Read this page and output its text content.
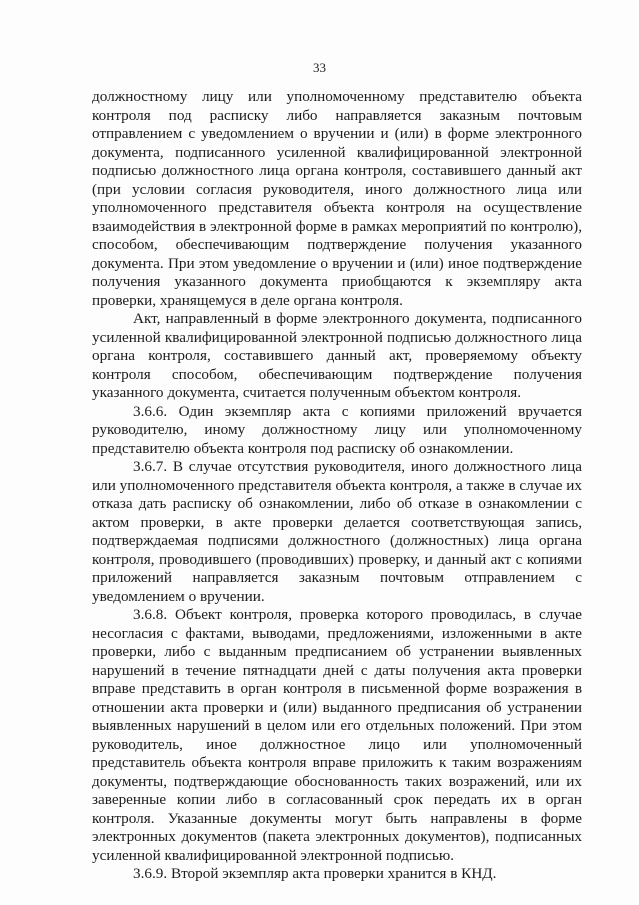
33

должностному лицу или уполномоченному представителю объекта контроля под расписку либо направляется заказным почтовым отправлением с уведомлением о вручении и (или) в форме электронного документа, подписанного усиленной квалифицированной электронной подписью должностного лица органа контроля, составившего данный акт (при условии согласия руководителя, иного должностного лица или уполномоченного представителя объекта контроля на осуществление взаимодействия в электронной форме в рамках мероприятий по контролю), способом, обеспечивающим подтверждение получения указанного документа. При этом уведомление о вручении и (или) иное подтверждение получения указанного документа приобщаются к экземпляру акта проверки, хранящемуся в деле органа контроля.

Акт, направленный в форме электронного документа, подписанного усиленной квалифицированной электронной подписью должностного лица органа контроля, составившего данный акт, проверяемому объекту контроля способом, обеспечивающим подтверждение получения указанного документа, считается полученным объектом контроля.

3.6.6. Один экземпляр акта с копиями приложений вручается руководителю, иному должностному лицу или уполномоченному представителю объекта контроля под расписку об ознакомлении.

3.6.7. В случае отсутствия руководителя, иного должностного лица или уполномоченного представителя объекта контроля, а также в случае их отказа дать расписку об ознакомлении, либо об отказе в ознакомлении с актом проверки, в акте проверки делается соответствующая запись, подтверждаемая подписями должностного (должностных) лица органа контроля, проводившего (проводивших) проверку, и данный акт с копиями приложений направляется заказным почтовым отправлением с уведомлением о вручении.

3.6.8. Объект контроля, проверка которого проводилась, в случае несогласия с фактами, выводами, предложениями, изложенными в акте проверки, либо с выданным предписанием об устранении выявленных нарушений в течение пятнадцати дней с даты получения акта проверки вправе представить в орган контроля в письменной форме возражения в отношении акта проверки и (или) выданного предписания об устранении выявленных нарушений в целом или его отдельных положений. При этом руководитель, иное должностное лицо или уполномоченный представитель объекта контроля вправе приложить к таким возражениям документы, подтверждающие обоснованность таких возражений, или их заверенные копии либо в согласованный срок передать их в орган контроля. Указанные документы могут быть направлены в форме электронных документов (пакета электронных документов), подписанных усиленной квалифицированной электронной подписью.

3.6.9. Второй экземпляр акта проверки хранится в КНД.
